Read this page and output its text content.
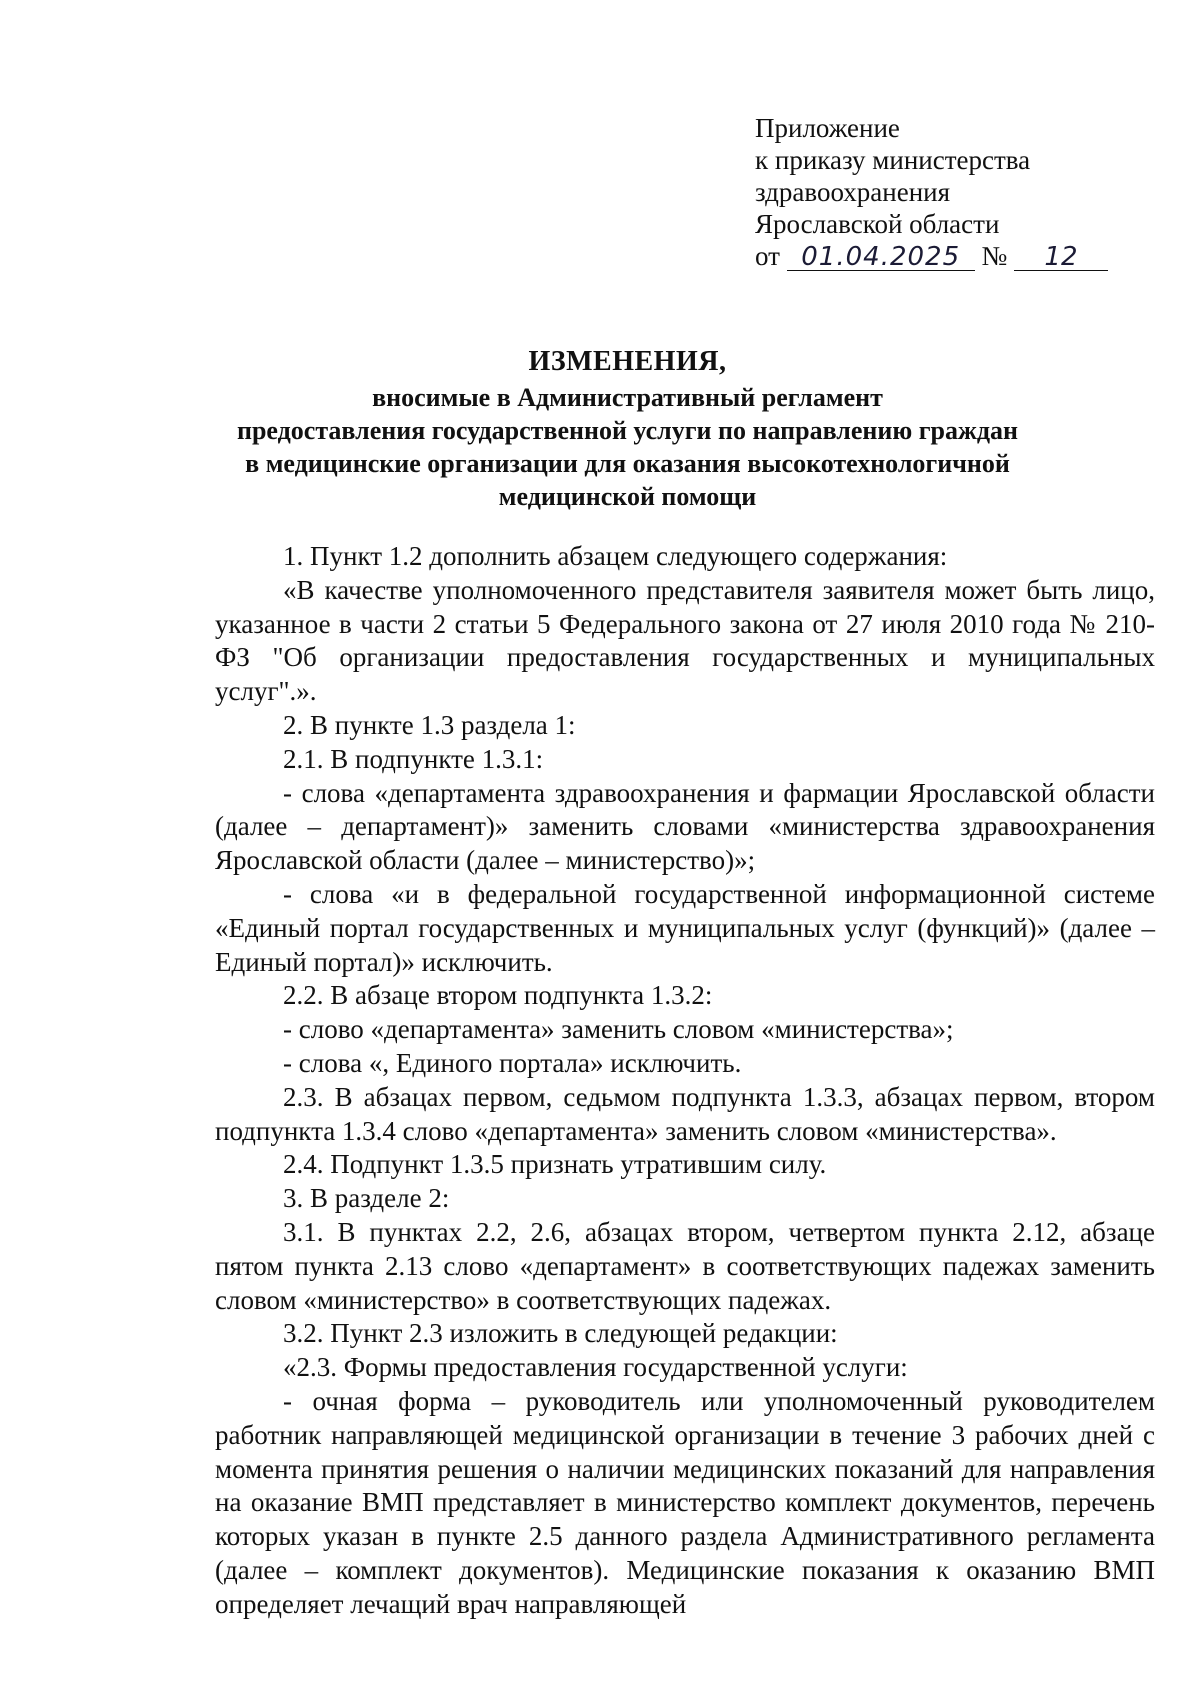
Приложение
к приказу министерства
здравоохранения
Ярославской области
от 01.04.2025 № 12
ИЗМЕНЕНИЯ,
вносимые в Административный регламент
предоставления государственной услуги по направлению граждан
в медицинские организации для оказания высокотехнологичной
медицинской помощи

1. Пункт 1.2 дополнить абзацем следующего содержания:

«В качестве уполномоченного представителя заявителя может быть лицо, указанное в части 2 статьи 5 Федерального закона от 27 июля 2010 года № 210-ФЗ "Об организации предоставления государственных и муниципальных услуг".».

2. В пункте 1.3 раздела 1:

2.1. В подпункте 1.3.1:

- слова «департамента здравоохранения и фармации Ярославской области (далее – департамент)» заменить словами «министерства здравоохранения Ярославской области (далее – министерство)»;

- слова «и в федеральной государственной информационной системе «Единый портал государственных и муниципальных услуг (функций)» (далее – Единый портал)» исключить.

2.2. В абзаце втором подпункта 1.3.2:

- слово «департамента» заменить словом «министерства»;

- слова «, Единого портала» исключить.

2.3. В абзацах первом, седьмом подпункта 1.3.3, абзацах первом, втором подпункта 1.3.4 слово «департамента» заменить словом «министерства».

2.4. Подпункт 1.3.5 признать утратившим силу.

3. В разделе 2:

3.1. В пунктах 2.2, 2.6, абзацах втором, четвертом пункта 2.12, абзаце пятом пункта 2.13 слово «департамент» в соответствующих падежах заменить словом «министерство» в соответствующих падежах.

3.2. Пункт 2.3 изложить в следующей редакции:

«2.3. Формы предоставления государственной услуги:

- очная форма – руководитель или уполномоченный руководителем работник направляющей медицинской организации в течение 3 рабочих дней с момента принятия решения о наличии медицинских показаний для направления на оказание ВМП представляет в министерство комплект документов, перечень которых указан в пункте 2.5 данного раздела Административного регламента (далее – комплект документов). Медицинские показания к оказанию ВМП определяет лечащий врач направляющей
